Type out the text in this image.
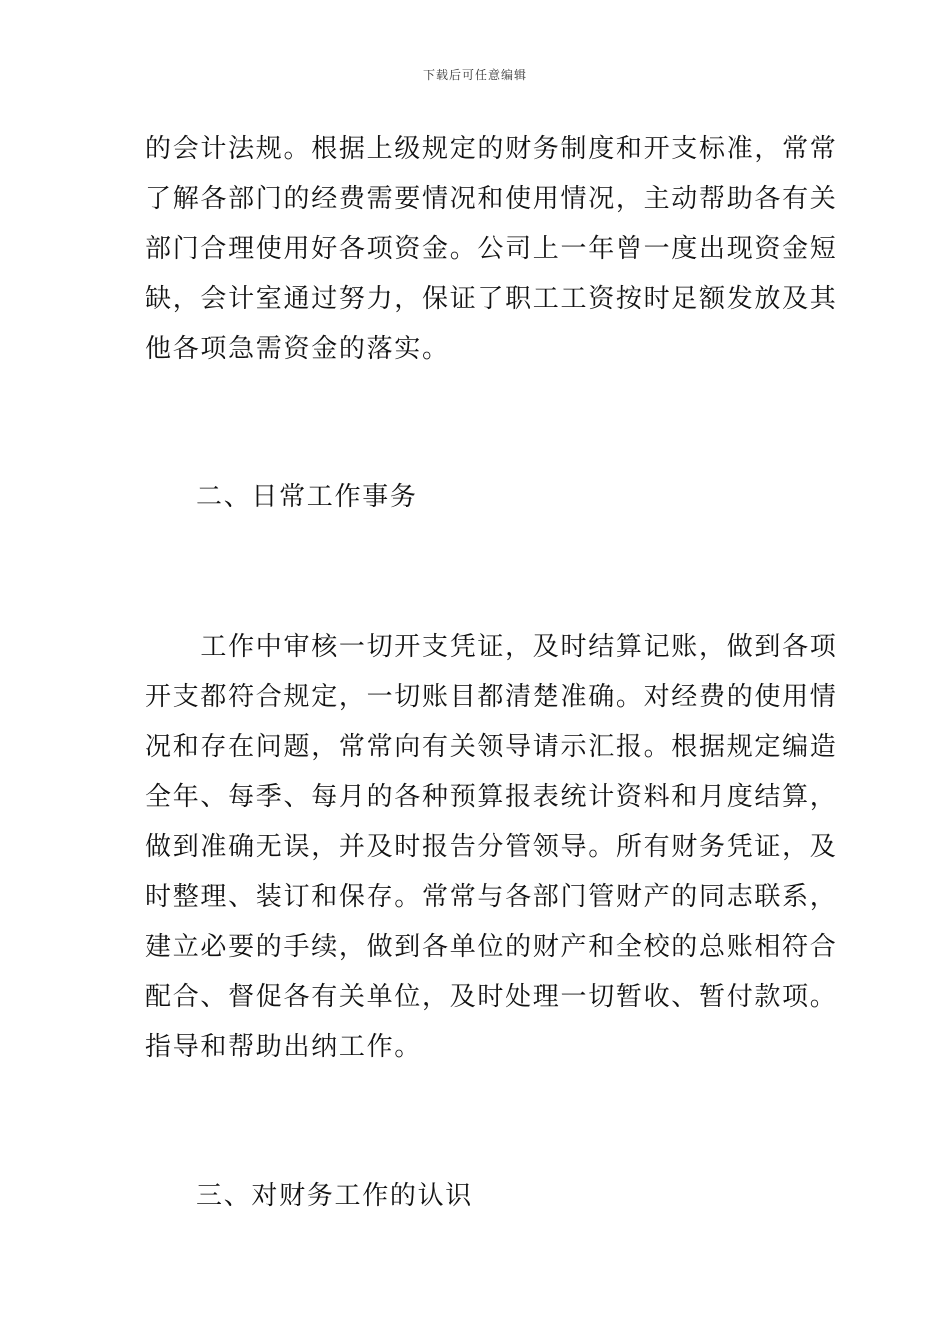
下载后可任意编辑
的会计法规。根据上级规定的财务制度和开支标准，常常
了解各部门的经费需要情况和使用情况，主动帮助各有关
部门合理使用好各项资金。公司上一年曾一度出现资金短
缺，会计室通过努力，保证了职工工资按时足额发放及其
他各项急需资金的落实。
二、日常工作事务
　　工作中审核一切开支凭证，及时结算记账，做到各项
开支都符合规定，一切账目都清楚准确。对经费的使用情
况和存在问题，常常向有关领导请示汇报。根据规定编造
全年、每季、每月的各种预算报表统计资料和月度结算，
做到准确无误，并及时报告分管领导。所有财务凭证，及
时整理、装订和保存。常常与各部门管财产的同志联系，
建立必要的手续，做到各单位的财产和全校的总账相符合
配合、督促各有关单位，及时处理一切暂收、暂付款项。
指导和帮助出纳工作。
三、对财务工作的认识
